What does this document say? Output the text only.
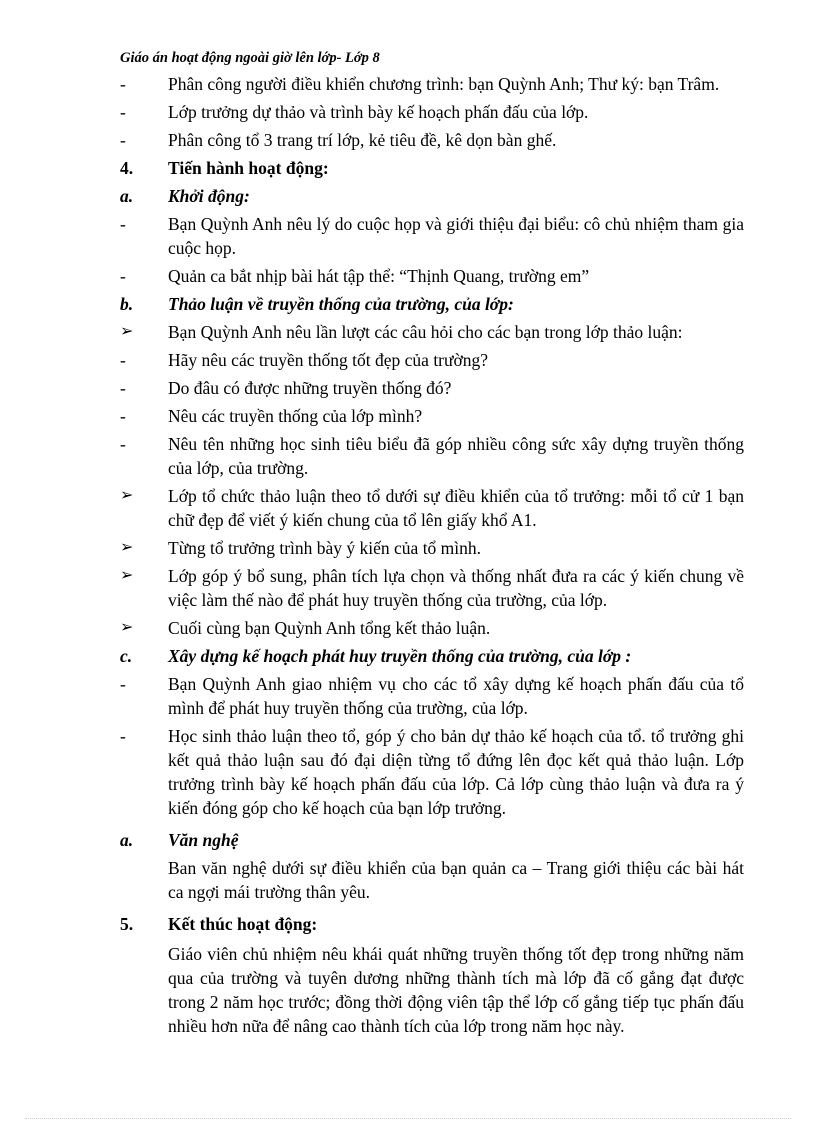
Giáo án hoạt động ngoài giờ lên lớp- Lớp 8
-	Phân công người điều khiển chương trình: bạn Quỳnh Anh; Thư ký: bạn Trâm.
-	Lớp trưởng dự thảo và trình bày kế hoạch phấn đấu của lớp.
-	Phân công tổ 3 trang trí lớp, kẻ tiêu đề, kê dọn bàn ghế.
4.	Tiến hành hoạt động:
a.	Khởi động:
-	Bạn Quỳnh Anh nêu lý do cuộc họp và giới thiệu đại biểu: cô chủ nhiệm tham gia cuộc họp.
-	Quản ca bắt nhịp bài hát tập thể: “Thịnh Quang, trường em”
b.	Thảo luận về truyền thống của trường, của lớp:
➢	Bạn Quỳnh Anh nêu lần lượt các câu hỏi cho các bạn trong lớp thảo luận:
-	Hãy nêu các truyền thống tốt đẹp của trường?
-	Do đâu có được những truyền thống đó?
-	Nêu các truyền thống của lớp mình?
-	Nêu tên những học sinh tiêu biểu đã góp nhiều công sức xây dựng truyền thống của lớp, của trường.
➢	Lớp tổ chức thảo luận theo tổ dưới sự điều khiển của tổ trưởng: mỗi tổ cử 1 bạn chữ đẹp để viết ý kiến chung của tổ lên giấy khổ A1.
➢	Từng tổ trưởng trình bày ý kiến của tổ mình.
➢	Lớp góp ý bổ sung, phân tích lựa chọn và thống nhất đưa ra các ý kiến chung về việc làm thế nào để phát huy truyền thống của trường, của lớp.
➢	Cuối cùng bạn Quỳnh Anh tổng kết thảo luận.
c.	Xây dựng kế hoạch phát huy truyền thống của trường, của lớp :
-	Bạn Quỳnh Anh giao nhiệm vụ cho các tổ xây dựng kế hoạch phấn đấu của tổ mình để phát huy truyền thống của trường, của lớp.
-	Học sinh thảo luận theo tổ, góp ý cho bản dự thảo kế hoạch của tổ. tổ trưởng ghi kết quả thảo luận sau đó đại diện từng tổ đứng lên đọc kết quả thảo luận. Lớp trưởng trình bày kế hoạch phấn đấu của lớp. Cả lớp cùng thảo luận và đưa ra ý kiến đóng góp cho kế hoạch của bạn lớp trưởng.
a.	Văn nghệ
Ban văn nghệ dưới sự điều khiển của bạn quản ca – Trang giới thiệu các bài hát ca ngợi mái trường thân yêu.
5.	Kết thúc hoạt động:
Giáo viên chủ nhiệm nêu khái quát những truyền thống tốt đẹp trong những năm qua của trường và tuyên dương những thành tích mà lớp đã cố gắng đạt được trong 2 năm học trước; đồng thời động viên tập thể lớp cố gắng tiếp tục phấn đấu nhiều hơn nữa để nâng cao thành tích của lớp trong năm học này.
